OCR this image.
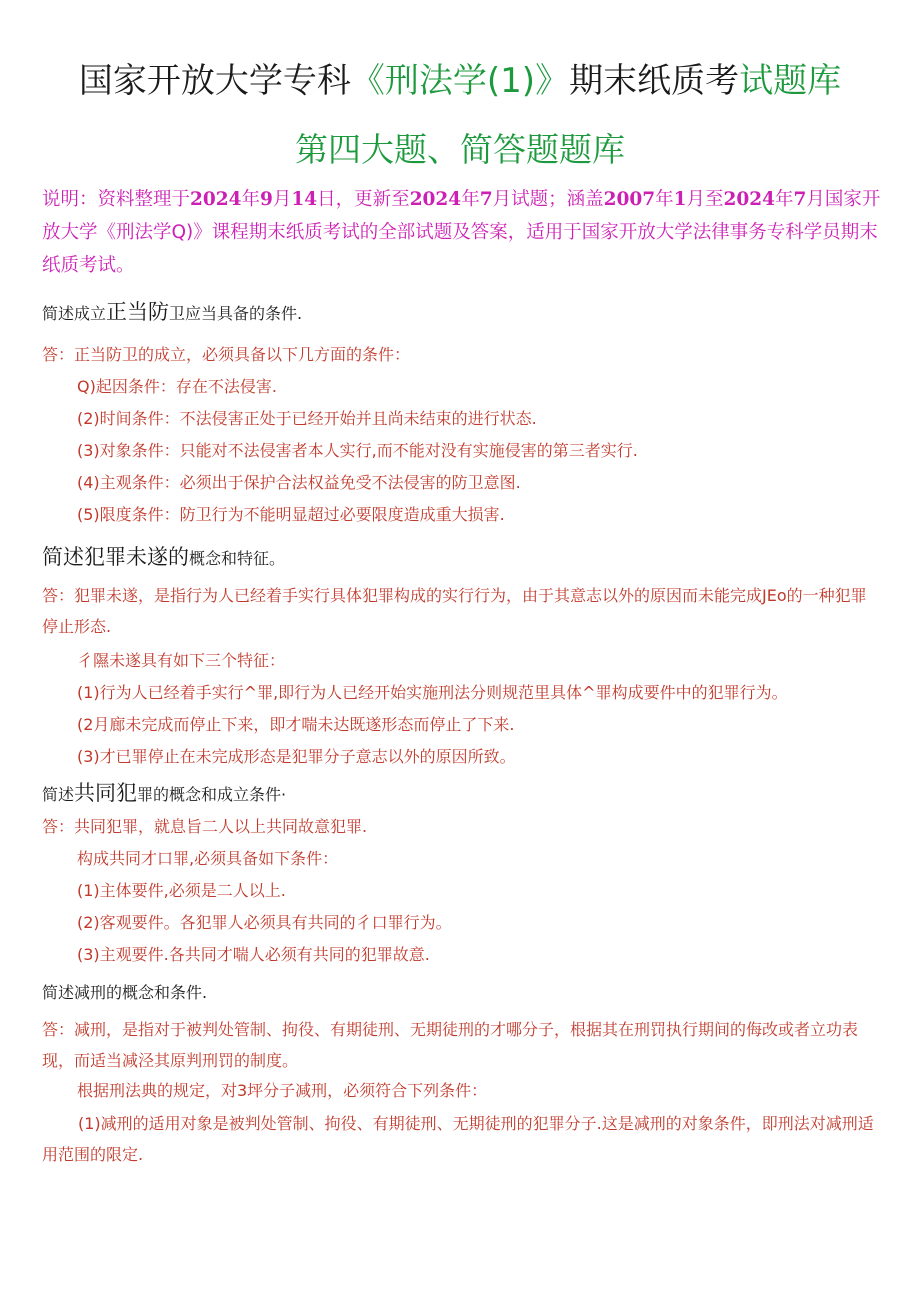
国家开放大学专科《刑法学(1)》期末纸质考试题库
第四大题、简答题题库
说明：资料整理于2024年9月14日，更新至2024年7月试题；涵盖2007年1月至2024年7月国家开放大学《刑法学Q)》课程期末纸质考试的全部试题及答案，适用于国家开放大学法律事务专科学员期末纸质考试。
简述成立正当防卫应当具备的条件.
答：正当防卫的成立，必须具备以下几方面的条件：
Q)起因条件：存在不法侵害.
(2)时间条件：不法侵害正处于已经开始并且尚未结束的进行状态.
(3)对象条件：只能对不法侵害者本人实行,而不能对没有实施侵害的第三者实行.
(4)主观条件：必须出于保护合法权益免受不法侵害的防卫意图.
(5)限度条件：防卫行为不能明显超过必要限度造成重大损害.
简述犯罪未遂的概念和特征。
答：犯罪未遂，是指行为人已经着手实行具体犯罪构成的实行行为，由于其意志以外的原因而未能完成JEo的一种犯罪停止形态.
彳隰未遂具有如下三个特征：
(1)行为人已经着手实行^罪,即行为人已经开始实施刑法分则规范里具体^罪构成要件中的犯罪行为。
(2月廊未完成而停止下来，即才喘未达既遂形态而停止了下来.
(3)才已罪停止在未完成形态是犯罪分子意志以外的原因所致。
简述共同犯罪的概念和成立条件·
答：共同犯罪，就息旨二人以上共同故意犯罪.
构成共同才口罪,必须具备如下条件：
(1)主体要件,必须是二人以上.
(2)客观要件。各犯罪人必须具有共同的彳口罪行为。
(3)主观要件.各共同才喘人必须有共同的犯罪故意.
简述减刑的概念和条件.
答：减刑，是指对于被判处管制、拘役、有期徒刑、无期徒刑的才哪分子，根据其在刑罚执行期间的侮改或者立功表现，而适当减泾其原判刑罚的制度。
根据刑法典的规定，对3坪分子减刑，必须符合下列条件：
(1)减刑的适用对象是被判处管制、拘役、有期徒刑、无期徒刑的犯罪分子.这是减刑的对象条件，即刑法对减刑适用范围的限定.
